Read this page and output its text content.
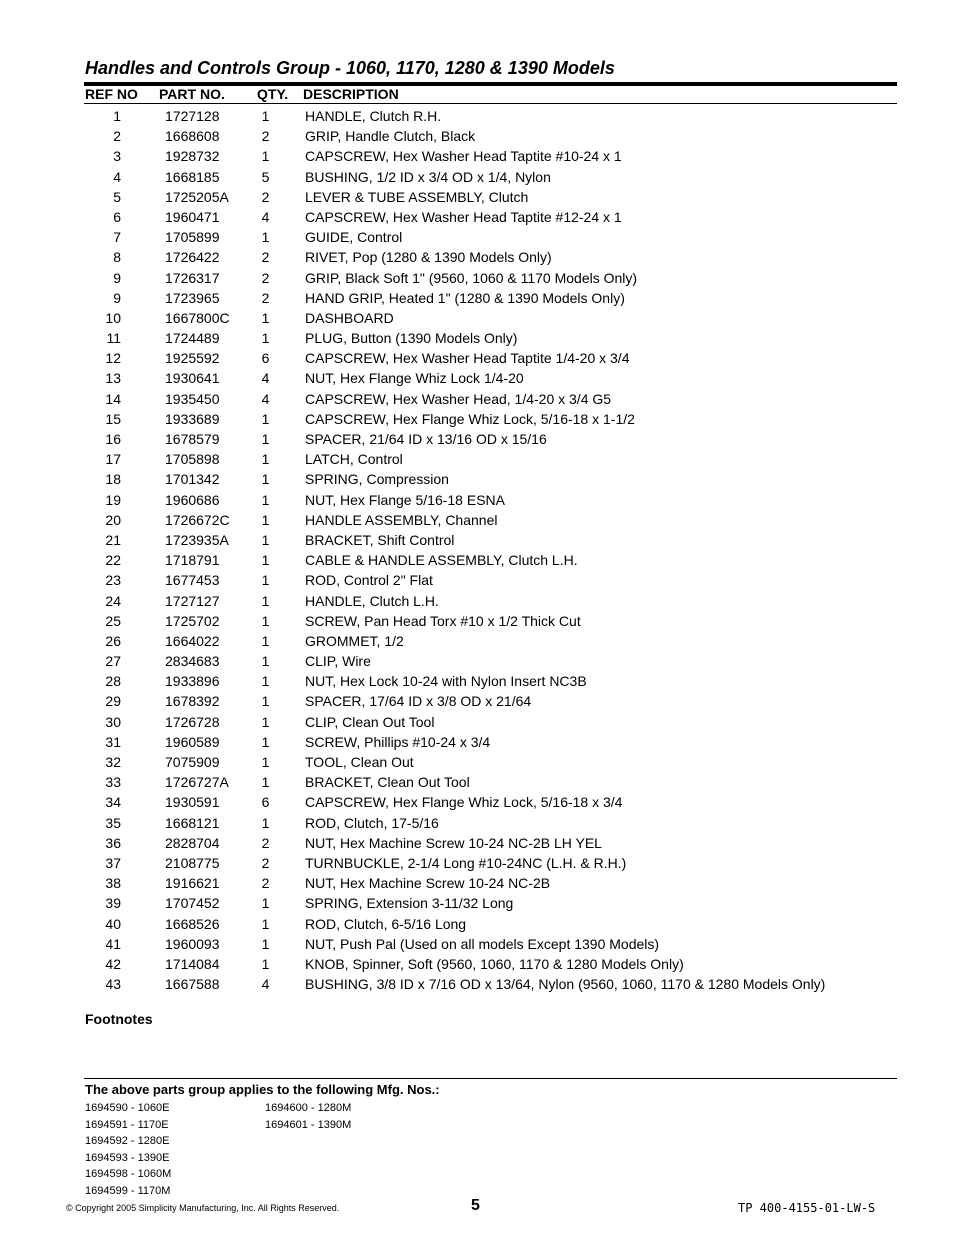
Handles and Controls Group - 1060, 1170, 1280 & 1390 Models
REF NO PART NO. QTY. DESCRIPTION
1	1727128	1	HANDLE, Clutch R.H.
2	1668608	2	GRIP, Handle Clutch, Black
3	1928732	1	CAPSCREW, Hex Washer Head Taptite #10-24 x 1
4	1668185	5	BUSHING, 1/2 ID x 3/4 OD x 1/4, Nylon
5	1725205A	2	LEVER & TUBE ASSEMBLY, Clutch
6	1960471	4	CAPSCREW, Hex Washer Head Taptite #12-24 x 1
7	1705899	1	GUIDE, Control
8	1726422	2	RIVET, Pop (1280 & 1390 Models Only)
9	1726317	2	GRIP, Black Soft 1" (9560, 1060 & 1170 Models Only)
9	1723965	2	HAND GRIP, Heated 1" (1280 & 1390 Models Only)
10	1667800C	1	DASHBOARD
11	1724489	1	PLUG, Button (1390 Models Only)
12	1925592	6	CAPSCREW, Hex Washer Head Taptite 1/4-20 x 3/4
13	1930641	4	NUT, Hex Flange Whiz Lock 1/4-20
14	1935450	4	CAPSCREW, Hex Washer Head, 1/4-20 x 3/4 G5
15	1933689	1	CAPSCREW, Hex Flange Whiz Lock, 5/16-18 x 1-1/2
16	1678579	1	SPACER, 21/64 ID x 13/16 OD x 15/16
17	1705898	1	LATCH, Control
18	1701342	1	SPRING, Compression
19	1960686	1	NUT, Hex Flange 5/16-18 ESNA
20	1726672C	1	HANDLE ASSEMBLY, Channel
21	1723935A	1	BRACKET, Shift Control
22	1718791	1	CABLE & HANDLE ASSEMBLY, Clutch L.H.
23	1677453	1	ROD, Control 2" Flat
24	1727127	1	HANDLE, Clutch L.H.
25	1725702	1	SCREW, Pan Head Torx #10 x 1/2 Thick Cut
26	1664022	1	GROMMET, 1/2
27	2834683	1	CLIP, Wire
28	1933896	1	NUT, Hex Lock 10-24 with Nylon Insert NC3B
29	1678392	1	SPACER, 17/64 ID x 3/8 OD x 21/64
30	1726728	1	CLIP, Clean Out Tool
31	1960589	1	SCREW, Phillips #10-24 x 3/4
32	7075909	1	TOOL, Clean Out
33	1726727A	1	BRACKET, Clean Out Tool
34	1930591	6	CAPSCREW, Hex Flange Whiz Lock, 5/16-18 x 3/4
35	1668121	1	ROD, Clutch, 17-5/16
36	2828704	2	NUT, Hex Machine Screw 10-24 NC-2B LH YEL
37	2108775	2	TURNBUCKLE, 2-1/4 Long #10-24NC (L.H. & R.H.)
38	1916621	2	NUT, Hex Machine Screw 10-24 NC-2B
39	1707452	1	SPRING, Extension 3-11/32 Long
40	1668526	1	ROD, Clutch, 6-5/16 Long
41	1960093	1	NUT, Push Pal (Used on all models Except 1390 Models)
42	1714084	1	KNOB, Spinner, Soft (9560, 1060, 1170 & 1280 Models Only)
43	1667588	4	BUSHING, 3/8 ID x 7/16 OD x 13/64, Nylon (9560, 1060, 1170 & 1280 Models Only)
Footnotes
The above parts group applies to the following Mfg. Nos.:
1694590 - 1060E
1694591 - 1170E
1694592 - 1280E
1694593 - 1390E
1694598 - 1060M
1694599 - 1170M
1694600 - 1280M
1694601 - 1390M
© Copyright 2005 Simplicity Manufacturing, Inc. All Rights Reserved.	5	TP 400-4155-01-LW-S
